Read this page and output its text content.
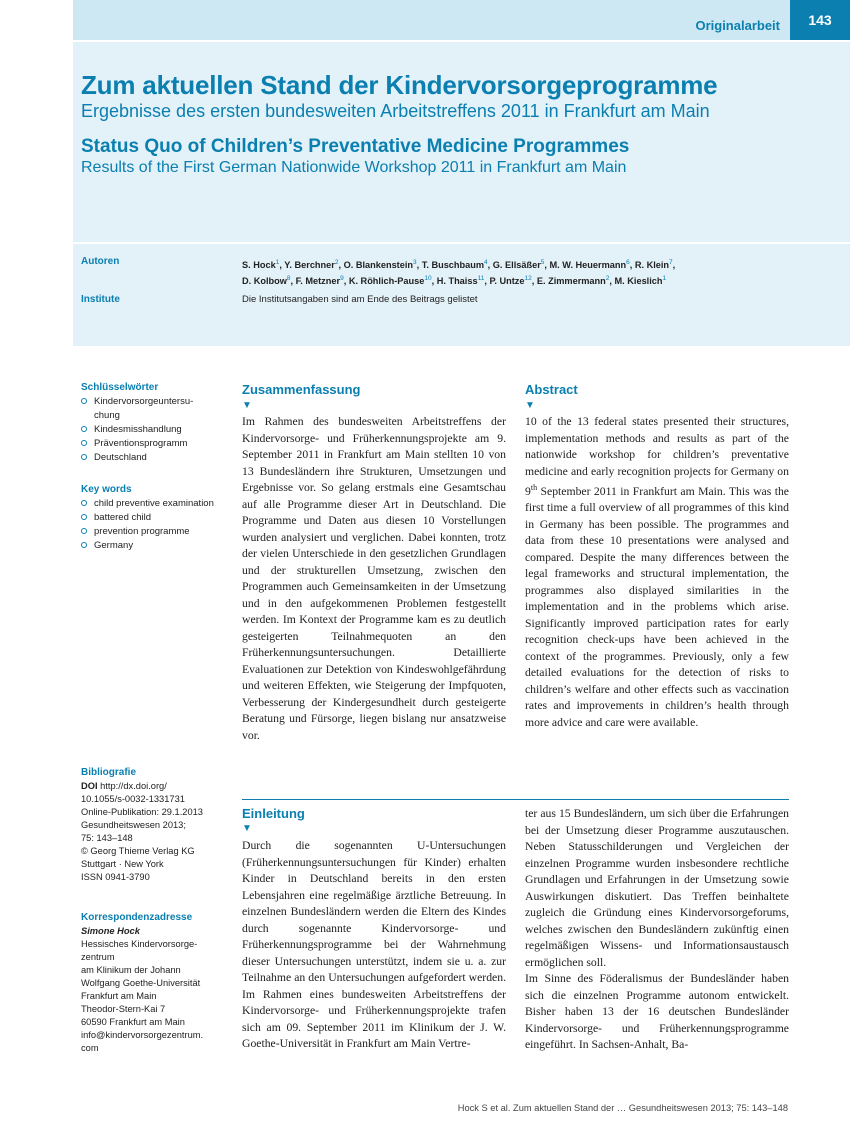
Originalarbeit	143
Zum aktuellen Stand der Kindervorsorgeprogramme
Ergebnisse des ersten bundesweiten Arbeitstreffens 2011 in Frankfurt am Main
Status Quo of Children’s Preventative Medicine Programmes
Results of the First German Nationwide Workshop 2011 in Frankfurt am Main
Autoren	S. Hock$^1$, Y. Berchner$^2$, O. Blankenstein$^3$, T. Buschbaum$^4$, G. Ellsäßer$^5$, M. W. Heuermann$^6$, R. Klein$^7$,
D. Kolbow$^8$, F. Metzner$^9$, K. Röhlich-Pause$^{10}$, H. Thaiss$^{11}$, P. Untze$^{12}$, E. Zimmermann$^2$, M. Kieslich$^1$
Institute	Die Institutsangaben sind am Ende des Beitrags gelistet
Schlüsselwörter
Kindervorsorgeuntersu-
chung
Kindesmisshandlung
Präventionsprogramm
Deutschland
Key words
child preventive examination
battered child
prevention programme
Germany
Bibliografie
DOI http://dx.doi.org/
10.1055/s-0032-1331731
Online-Publikation: 29.1.2013
Gesundheitswesen 2013;
75: 143–148
© Georg Thieme Verlag KG
Stuttgart · New York
ISSN 0941-3790
Korrespondenzadresse
Simone Hock
Hessisches Kindervorsorge-
zentrum
am Klinikum der Johann
Wolfgang Goethe-Universität
Frankfurt am Main
Theodor-Stern-Kai 7
60590 Frankfurt am Main
info@kindervorsorgezentrum.
com
Zusammenfassung
▼
Im Rahmen des bundesweiten Arbeitstreffens der Kindervorsorge- und Früherkennungsprojekte am 9. September 2011 in Frankfurt am Main stellten 10 von 13 Bundesländern ihre Strukturen, Umsetzungen und Ergebnisse vor. So gelang erstmals eine Gesamtschau auf alle Programme dieser Art in Deutschland. Die Programme und Daten aus diesen 10 Vorstellungen wurden analysiert und verglichen. Dabei konnten, trotz der vielen Unterschiede in den gesetzlichen Grundlagen und der strukturellen Umsetzung, zwischen den Programmen auch Gemeinsamkeiten in der Umsetzung und in den aufgekommenen Problemen festgestellt werden. Im Kontext der Programme kam es zu deutlich gesteigerten Teilnahmequoten an den Früherkennungsuntersuchungen. Detaillierte Evaluationen zur Detektion von Kindeswohlgefährdung und weiteren Effekten, wie Steigerung der Impfquoten, Verbesserung der Kindergesundheit durch gesteigerte Beratung und Fürsorge, liegen bislang nur ansatzweise vor.
Abstract
▼
10 of the 13 federal states presented their structures, implementation methods and results as part of the nationwide workshop for children’s preventative medicine and early recognition projects for Germany on 9th September 2011 in Frankfurt am Main. This was the first time a full overview of all programmes of this kind in Germany has been possible. The programmes and data from these 10 presentations were analysed and compared. Despite the many differences between the legal frameworks and structural implementation, the programmes also displayed similarities in the implementation and in the problems which arise. Significantly improved participation rates for early recognition check-ups have been achieved in the context of the programmes. Previously, only a few detailed evaluations for the detection of risks to children’s welfare and other effects such as vaccination rates and improvements in children’s health through more advice and care were available.
Einleitung
▼
Durch die sogenannten U-Untersuchungen (Früherkennungsuntersuchungen für Kinder) erhalten Kinder in Deutschland bereits in den ersten Lebensjahren eine regelmäßige ärztliche Betreuung. In einzelnen Bundesländern werden die Eltern des Kindes durch sogenannte Kindervorsorge- und Früherkennungsprogramme bei der Wahrnehmung dieser Untersuchungen unterstützt, indem sie u. a. zur Teilnahme an den Untersuchungen aufgefordert werden. Im Rahmen eines bundesweiten Arbeitstreffens der Kindervorsorge- und Früherkennungsprojekte trafen sich am 09. September 2011 im Klinikum der J. W. Goethe-Universität in Frankfurt am Main Vertre-
ter aus 15 Bundesländern, um sich über die Erfahrungen bei der Umsetzung dieser Programme auszutauschen. Neben Statusschilderungen und Vergleichen der einzelnen Programme wurden insbesondere rechtliche Grundlagen und Erfahrungen in der Umsetzung sowie Auswirkungen diskutiert. Das Treffen beinhaltete zugleich die Gründung eines Kindervorsorgeforums, welches zwischen den Bundesländern zukünftig einen regelmäßigen Wissens- und Informationsaustausch ermöglichen soll.
Im Sinne des Föderalismus der Bundesländer haben sich die einzelnen Programme autonom entwickelt. Bisher haben 13 der 16 deutschen Bundesländer Kindervorsorge- und Früherkennungsprogramme eingeführt. In Sachsen-Anhalt, Ba-
Hock S et al. Zum aktuellen Stand der … Gesundheitswesen 2013; 75: 143–148
